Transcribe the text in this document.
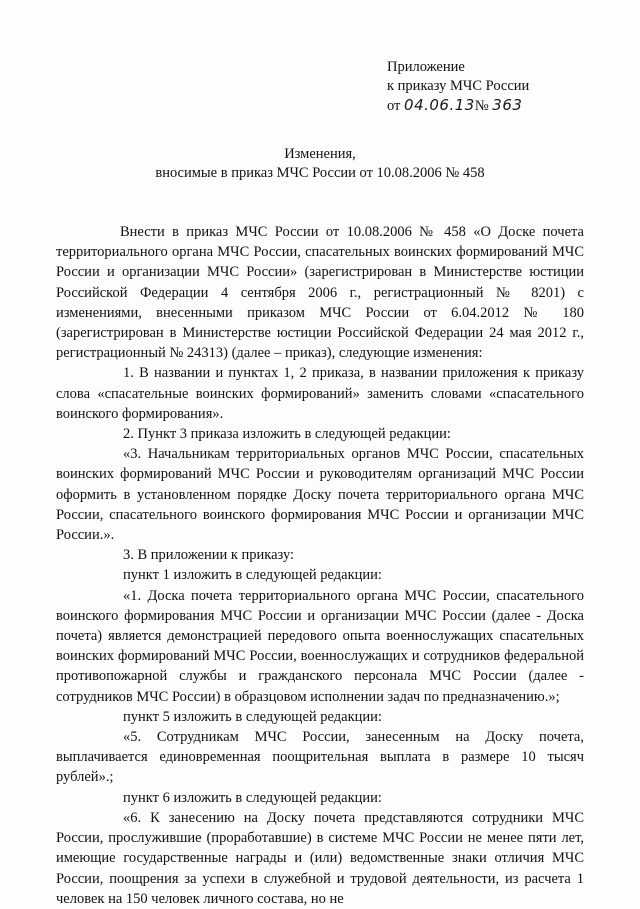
Приложение
к приказу МЧС России
от 04.06.13№ 363
Изменения,
вносимые в приказ МЧС России от 10.08.2006 № 458

Внести в приказ МЧС России от 10.08.2006 № 458 «О Доске почета территориального органа МЧС России, спасательных воинских формирований МЧС России и организации МЧС России» (зарегистрирован в Министерстве юстиции Российской Федерации 4 сентября 2006 г., регистрационный № 8201) с изменениями, внесенными приказом МЧС России от 6.04.2012 № 180 (зарегистрирован в Министерстве юстиции Российской Федерации 24 мая 2012 г., регистрационный № 24313) (далее – приказ), следующие изменения:

1. В названии и пунктах 1, 2 приказа, в названии приложения к приказу слова «спасательные воинских формирований» заменить словами «спасательного воинского формирования».

2. Пункт 3 приказа изложить в следующей редакции:

«3. Начальникам территориальных органов МЧС России, спасательных воинских формирований МЧС России и руководителям организаций МЧС России оформить в установленном порядке Доску почета территориального органа МЧС России, спасательного воинского формирования МЧС России и организации МЧС России.».

3. В приложении к приказу:

пункт 1 изложить в следующей редакции:

«1. Доска почета территориального органа МЧС России, спасательного воинского формирования МЧС России и организации МЧС России (далее - Доска почета) является демонстрацией передового опыта военнослужащих спасательных воинских формирований МЧС России, военнослужащих и сотрудников федеральной противопожарной службы и гражданского персонала МЧС России (далее - сотрудников МЧС России) в образцовом исполнении задач по предназначению.»;

пункт 5 изложить в следующей редакции:

«5. Сотрудникам МЧС России, занесенным на Доску почета, выплачивается единовременная поощрительная выплата в размере 10 тысяч рублей».;

пункт 6 изложить в следующей редакции:

«6. К занесению на Доску почета представляются сотрудники МЧС России, прослужившие (проработавшие) в системе МЧС России не менее пяти лет, имеющие государственные награды и (или) ведомственные знаки отличия МЧС России, поощрения за успехи в служебной и трудовой деятельности, из расчета 1 человек на 150 человек личного состава, но не
